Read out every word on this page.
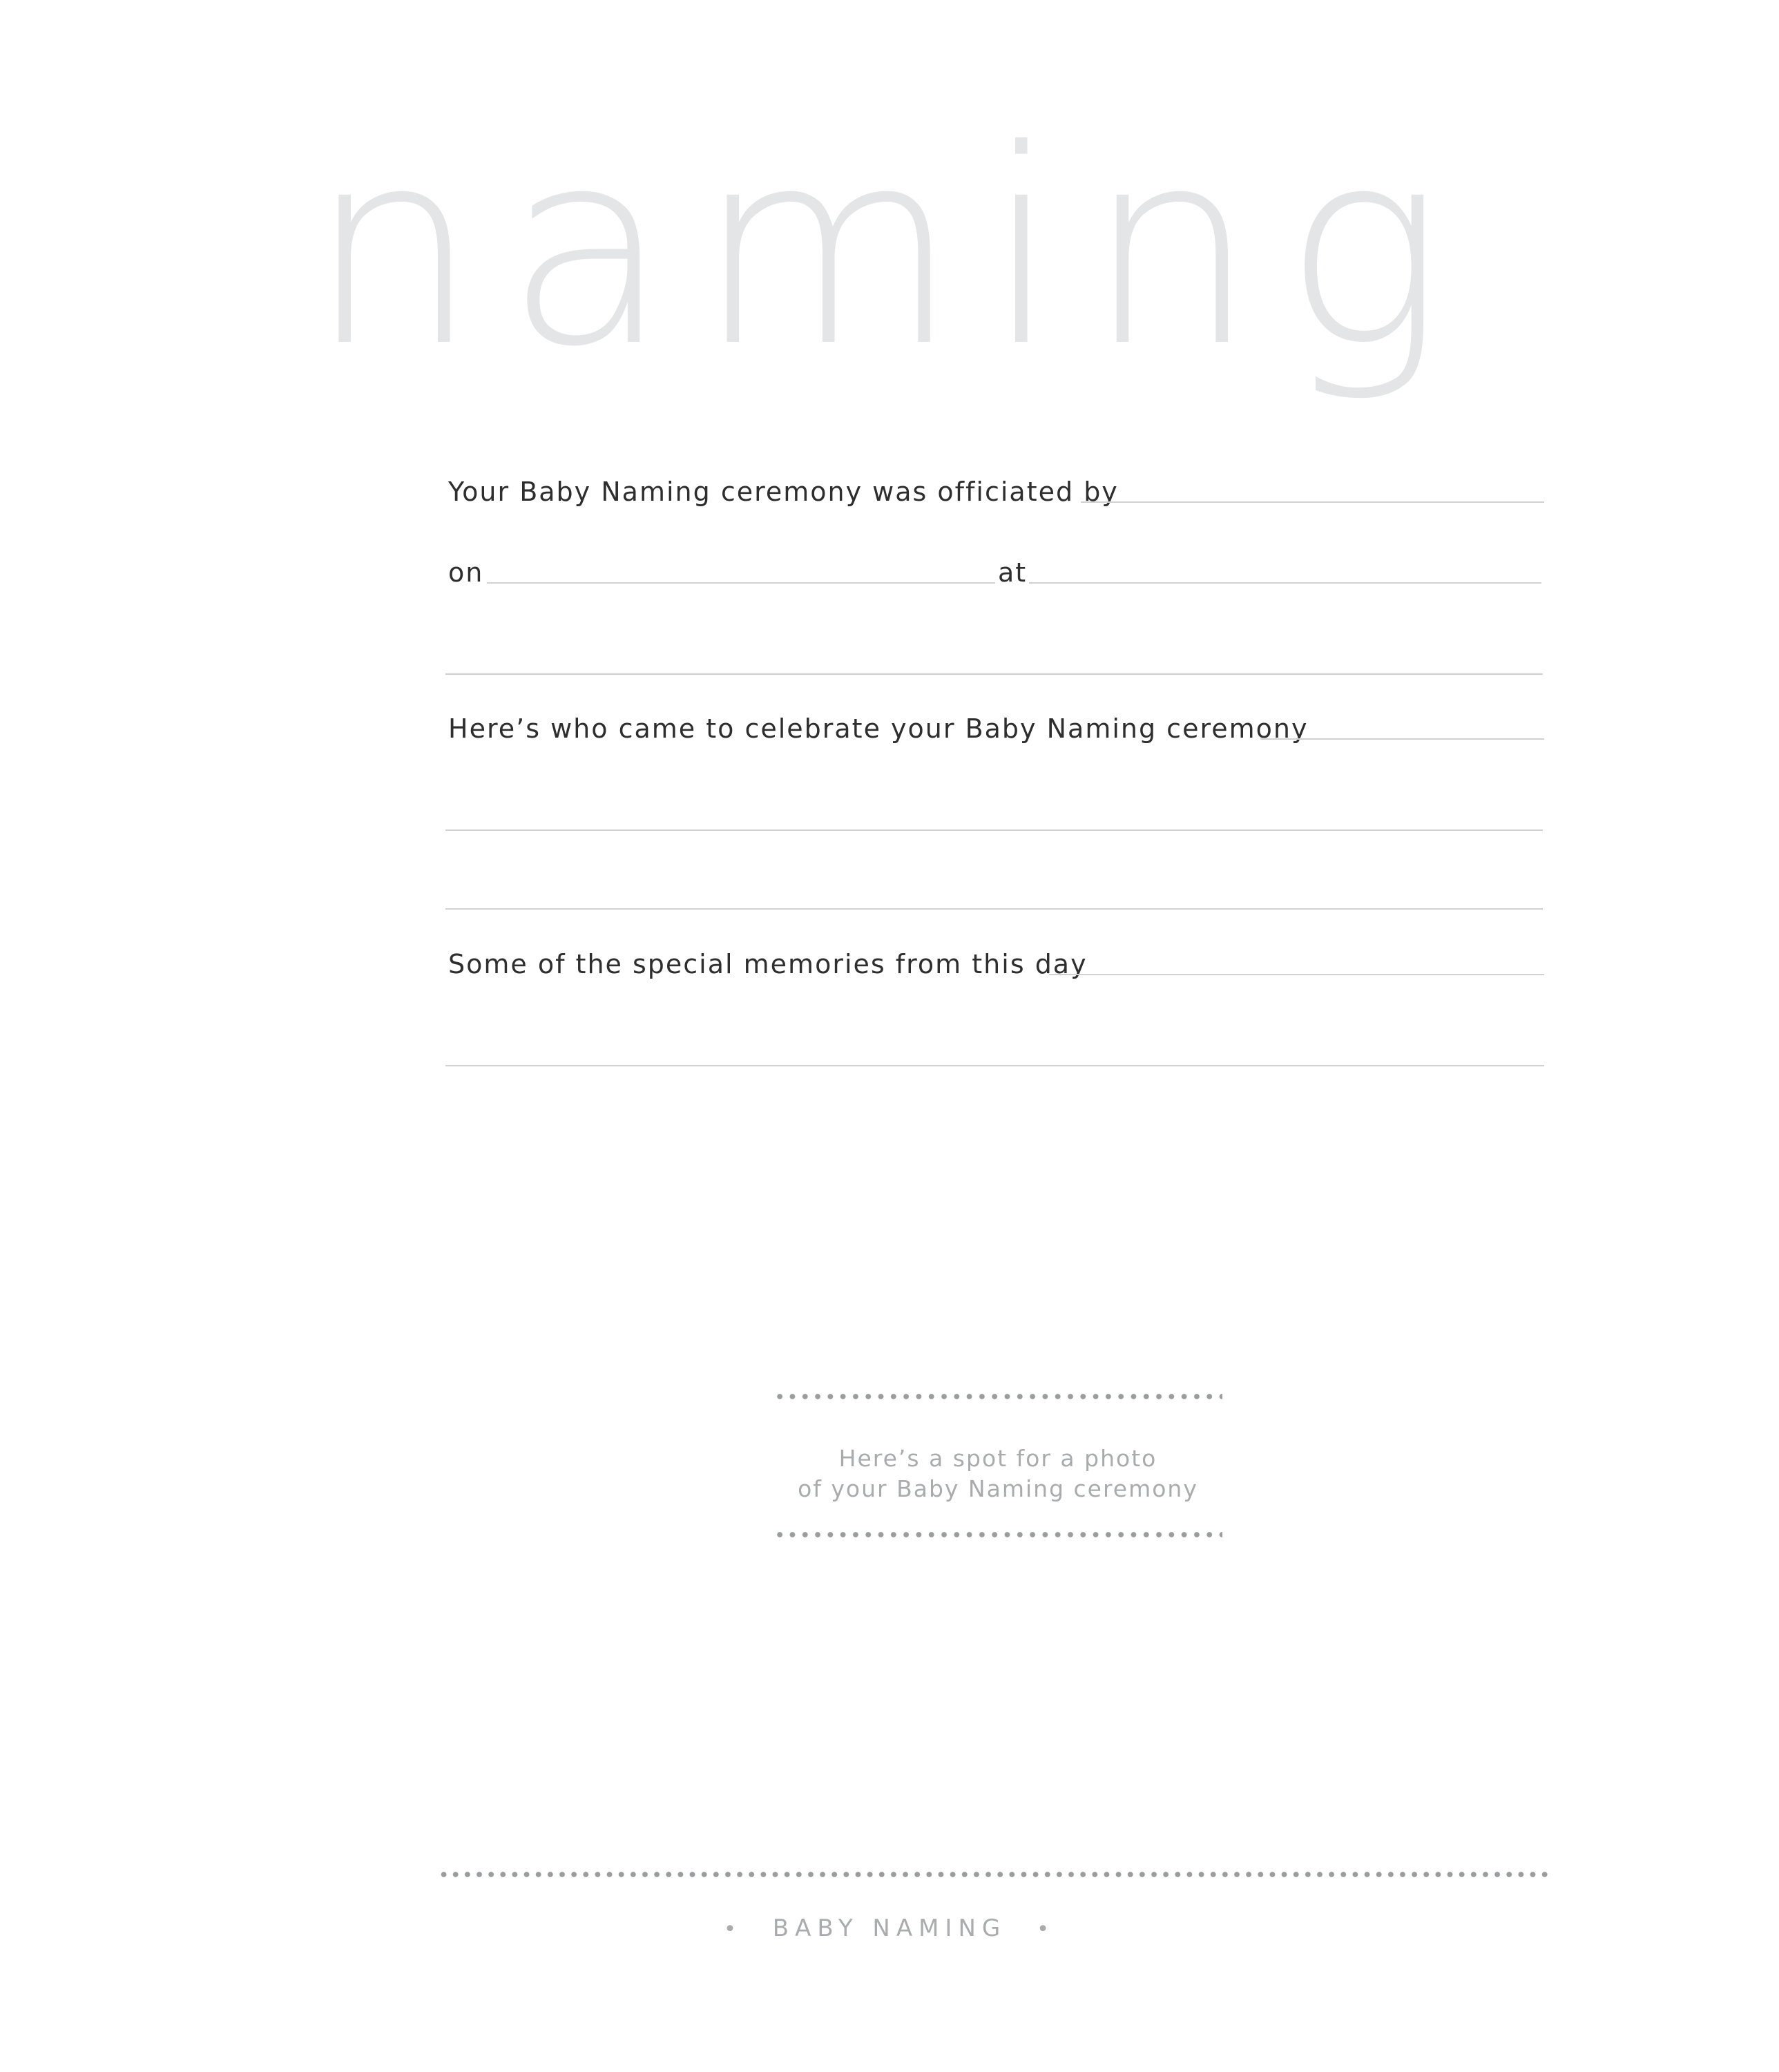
naming
Your Baby Naming ceremony was officiated by
on	at
Here’s who came to celebrate your Baby Naming ceremony
Some of the special memories from this day
Here’s a spot for a photo
of your Baby Naming ceremony
• BABY NAMING •
